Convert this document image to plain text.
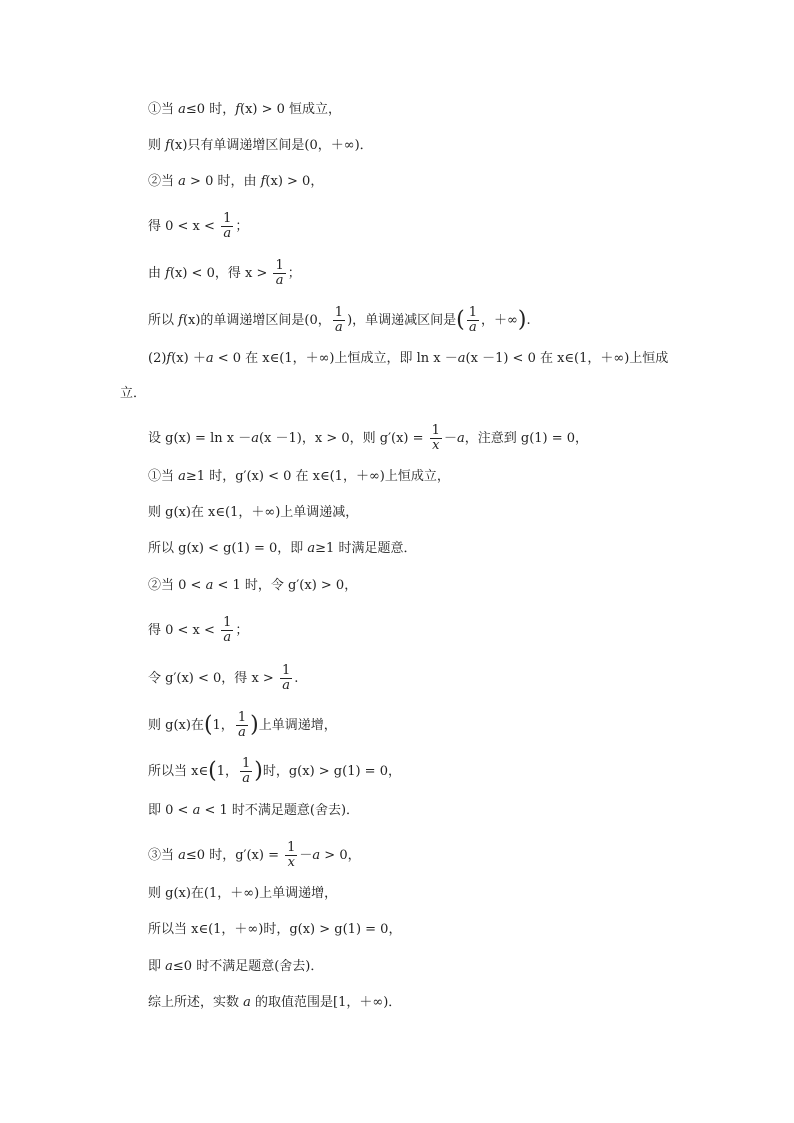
①当 a≤0 时，f(x) > 0 恒成立，
则 f(x)只有单调递增区间是(0，＋∞)．
②当 a > 0 时，由 f(x) > 0，
得 $0 < x < \frac{1}{a}$ ；
由 f(x) < 0，得 $x > \frac{1}{a}$ ；
所以 f(x)的单调递增区间是(0， $\frac{1}{a}$ )，单调递减区间是( $\frac{1}{a}$ ，＋∞).
(2)f(x) ＋a < 0 在 x∈(1，＋∞)上恒成立，即 ln x －a(x －1) < 0 在 x∈(1，＋∞)上恒成
立．
设 g(x) = ln x －a(x －1)，x > 0，则 $g'(x) = \frac{1}{x} -a$，注意到 g(1) = 0，
①当 a≥1 时，g′(x) < 0 在 x∈(1，＋∞)上恒成立，
则 g(x)在 x∈(1，＋∞)上单调递减，
所以 g(x) < g(1) = 0，即 a≥1 时满足题意．
②当 0 < a < 1 时，令 g′(x) > 0，
得 $0 < x < \frac{1}{a}$ ；
令 g′(x) < 0，得 $x > \frac{1}{a}$ .
则 g(x)在(1， $\frac{1}{a}$ )上单调递增，
所以当 x∈(1， $\frac{1}{a}$ )时，g(x) > g(1) = 0，
即 0 < a < 1 时不满足题意(舍去)．
③当 a≤0 时，$g'(x) = \frac{1}{x} -a > 0$，
则 g(x)在(1，＋∞)上单调递增，
所以当 x∈(1，＋∞)时，g(x) > g(1) = 0，
即 a≤0 时不满足题意(舍去)．
综上所述，实数 a 的取值范围是[1，＋∞)．
